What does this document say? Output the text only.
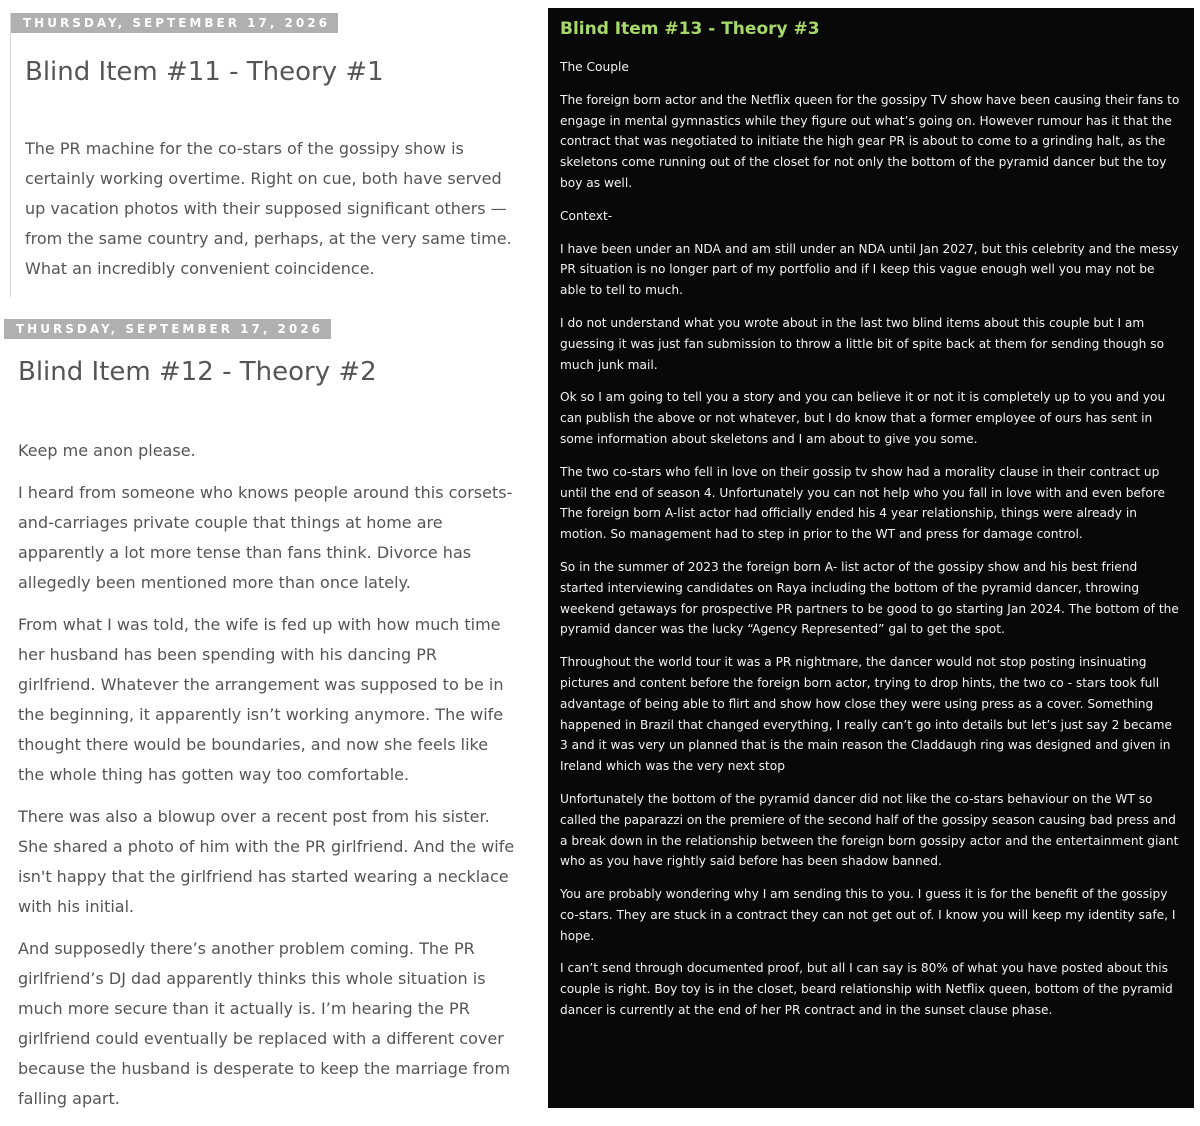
THURSDAY, SEPTEMBER 17, 2026
Blind Item #11 - Theory #1

The PR machine for the co-stars of the gossipy show is certainly working overtime. Right on cue, both have served up vacation photos with their supposed significant others — from the same country and, perhaps, at the very same time. What an incredibly convenient coincidence.

THURSDAY, SEPTEMBER 17, 2026
Blind Item #12 - Theory #2

Keep me anon please.

I heard from someone who knows people around this corsets-and-carriages private couple that things at home are apparently a lot more tense than fans think. Divorce has allegedly been mentioned more than once lately.

From what I was told, the wife is fed up with how much time her husband has been spending with his dancing PR girlfriend. Whatever the arrangement was supposed to be in the beginning, it apparently isn’t working anymore. The wife thought there would be boundaries, and now she feels like the whole thing has gotten way too comfortable.

There was also a blowup over a recent post from his sister. She shared a photo of him with the PR girlfriend. And the wife isn't happy that the girlfriend has started wearing a necklace with his initial.

And supposedly there’s another problem coming. The PR girlfriend’s DJ dad apparently thinks this whole situation is much more secure than it actually is. I’m hearing the PR girlfriend could eventually be replaced with a different cover because the husband is desperate to keep the marriage from falling apart.

Blind Item #13 - Theory #3

The Couple

The foreign born actor and the Netflix queen for the gossipy TV show have been causing their fans to engage in mental gymnastics while they figure out what’s going on. However rumour has it that the contract that was negotiated to initiate the high gear PR is about to come to a grinding halt, as the skeletons come running out of the closet for not only the bottom of the pyramid dancer but the toy boy as well.

Context-

I have been under an NDA and am still under an NDA until Jan 2027, but this celebrity and the messy PR situation is no longer part of my portfolio and if I keep this vague enough well you may not be able to tell to much.

I do not understand what you wrote about in the last two blind items about this couple but I am guessing it was just fan submission to throw a little bit of spite back at them for sending though so much junk mail.

Ok so I am going to tell you a story and you can believe it or not it is completely up to you and you can publish the above or not whatever, but I do know that a former employee of ours has sent in some information about skeletons and I am about to give you some.

The two co-stars who fell in love on their gossip tv show had a morality clause in their contract up until the end of season 4. Unfortunately you can not help who you fall in love with and even before The foreign born A-list actor had officially ended his 4 year relationship, things were already in motion. So management had to step in prior to the WT and press for damage control.

So in the summer of 2023 the foreign born A- list actor of the gossipy show and his best friend started interviewing candidates on Raya including the bottom of the pyramid dancer, throwing weekend getaways for prospective PR partners to be good to go starting Jan 2024. The bottom of the pyramid dancer was the lucky “Agency Represented” gal to get the spot.

Throughout the world tour it was a PR nightmare, the dancer would not stop posting insinuating pictures and content before the foreign born actor, trying to drop hints, the two co - stars took full advantage of being able to flirt and show how close they were using press as a cover. Something happened in Brazil that changed everything, I really can’t go into details but let’s just say 2 became 3 and it was very un planned that is the main reason the Claddaugh ring was designed and given in Ireland which was the very next stop

Unfortunately the bottom of the pyramid dancer did not like the co-stars behaviour on the WT so called the paparazzi on the premiere of the second half of the gossipy season causing bad press and a break down in the relationship between the foreign born gossipy actor and the entertainment giant who as you have rightly said before has been shadow banned.

You are probably wondering why I am sending this to you. I guess it is for the benefit of the gossipy co-stars. They are stuck in a contract they can not get out of. I know you will keep my identity safe, I hope.

I can’t send through documented proof, but all I can say is 80% of what you have posted about this couple is right. Boy toy is in the closet, beard relationship with Netflix queen, bottom of the pyramid dancer is currently at the end of her PR contract and in the sunset clause phase.
